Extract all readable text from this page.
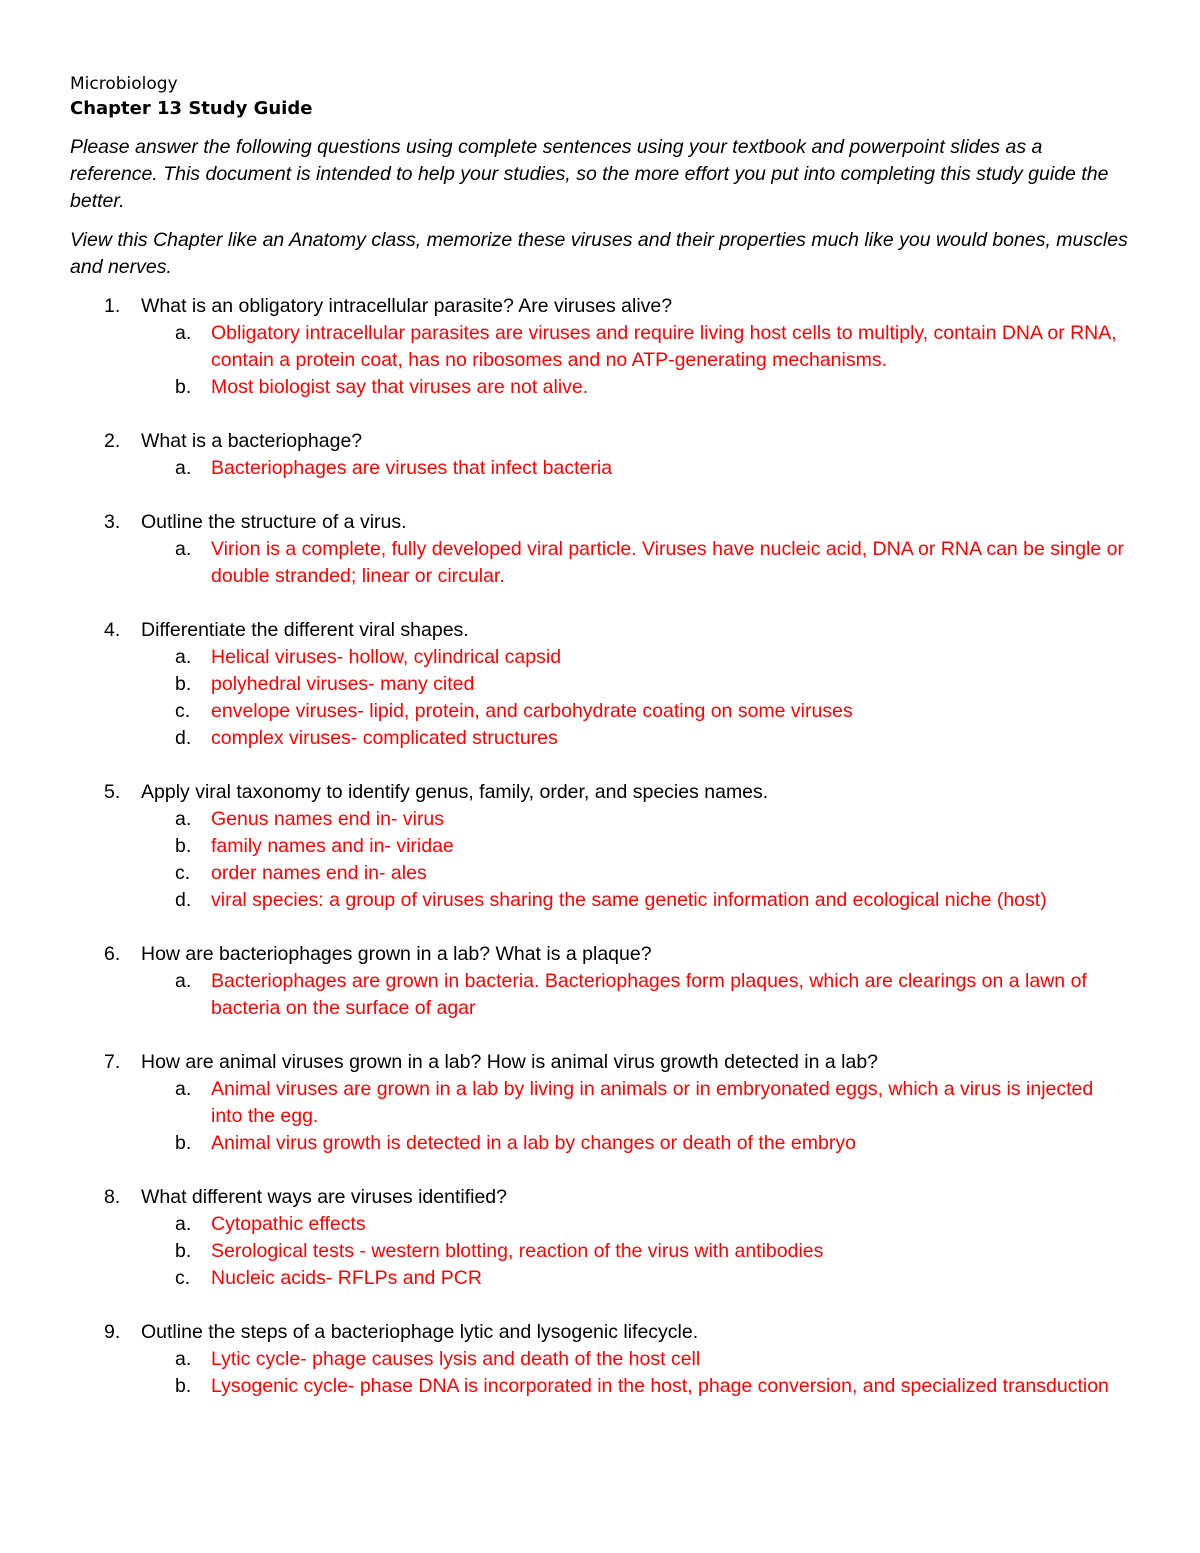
Microbiology

Chapter 13 Study Guide

Please answer the following questions using complete sentences using your textbook and powerpoint slides as a reference. This document is intended to help your studies, so the more effort you put into completing this study guide the better.

View this Chapter like an Anatomy class, memorize these viruses and their properties much like you would bones, muscles and nerves.

1.	What is an obligatory intracellular parasite? Are viruses alive?
a.	Obligatory intracellular parasites are viruses and require living host cells to multiply, contain DNA or RNA, contain a protein coat, has no ribosomes and no ATP-generating mechanisms.
b.	Most biologist say that viruses are not alive.
2.	What is a bacteriophage?
a.	Bacteriophages are viruses that infect bacteria
3.	Outline the structure of a virus.
a.	Virion is a complete, fully developed viral particle. Viruses have nucleic acid, DNA or RNA can be single or double stranded; linear or circular.
4.	Differentiate the different viral shapes.
a.	Helical viruses- hollow, cylindrical capsid
b.	polyhedral viruses- many cited
c.	envelope viruses- lipid, protein, and carbohydrate coating on some viruses
d.	complex viruses- complicated structures
5.	Apply viral taxonomy to identify genus, family, order, and species names.
a.	Genus names end in- virus
b.	family names and in- viridae
c.	order names end in- ales
d.	viral species: a group of viruses sharing the same genetic information and ecological niche (host)
6.	How are bacteriophages grown in a lab? What is a plaque?
a.	Bacteriophages are grown in bacteria. Bacteriophages form plaques, which are clearings on a lawn of bacteria on the surface of agar
7.	How are animal viruses grown in a lab? How is animal virus growth detected in a lab?
a.	Animal viruses are grown in a lab by living in animals or in embryonated eggs, which a virus is injected into the egg.
b.	Animal virus growth is detected in a lab by changes or death of the embryo
8.	What different ways are viruses identified?
a.	Cytopathic effects
b.	Serological tests - western blotting, reaction of the virus with antibodies
c.	Nucleic acids- RFLPs and PCR
9.	Outline the steps of a bacteriophage lytic and lysogenic lifecycle.
a.	Lytic cycle- phage causes lysis and death of the host cell
b.	Lysogenic cycle- phase DNA is incorporated in the host, phage conversion, and specialized transduction
